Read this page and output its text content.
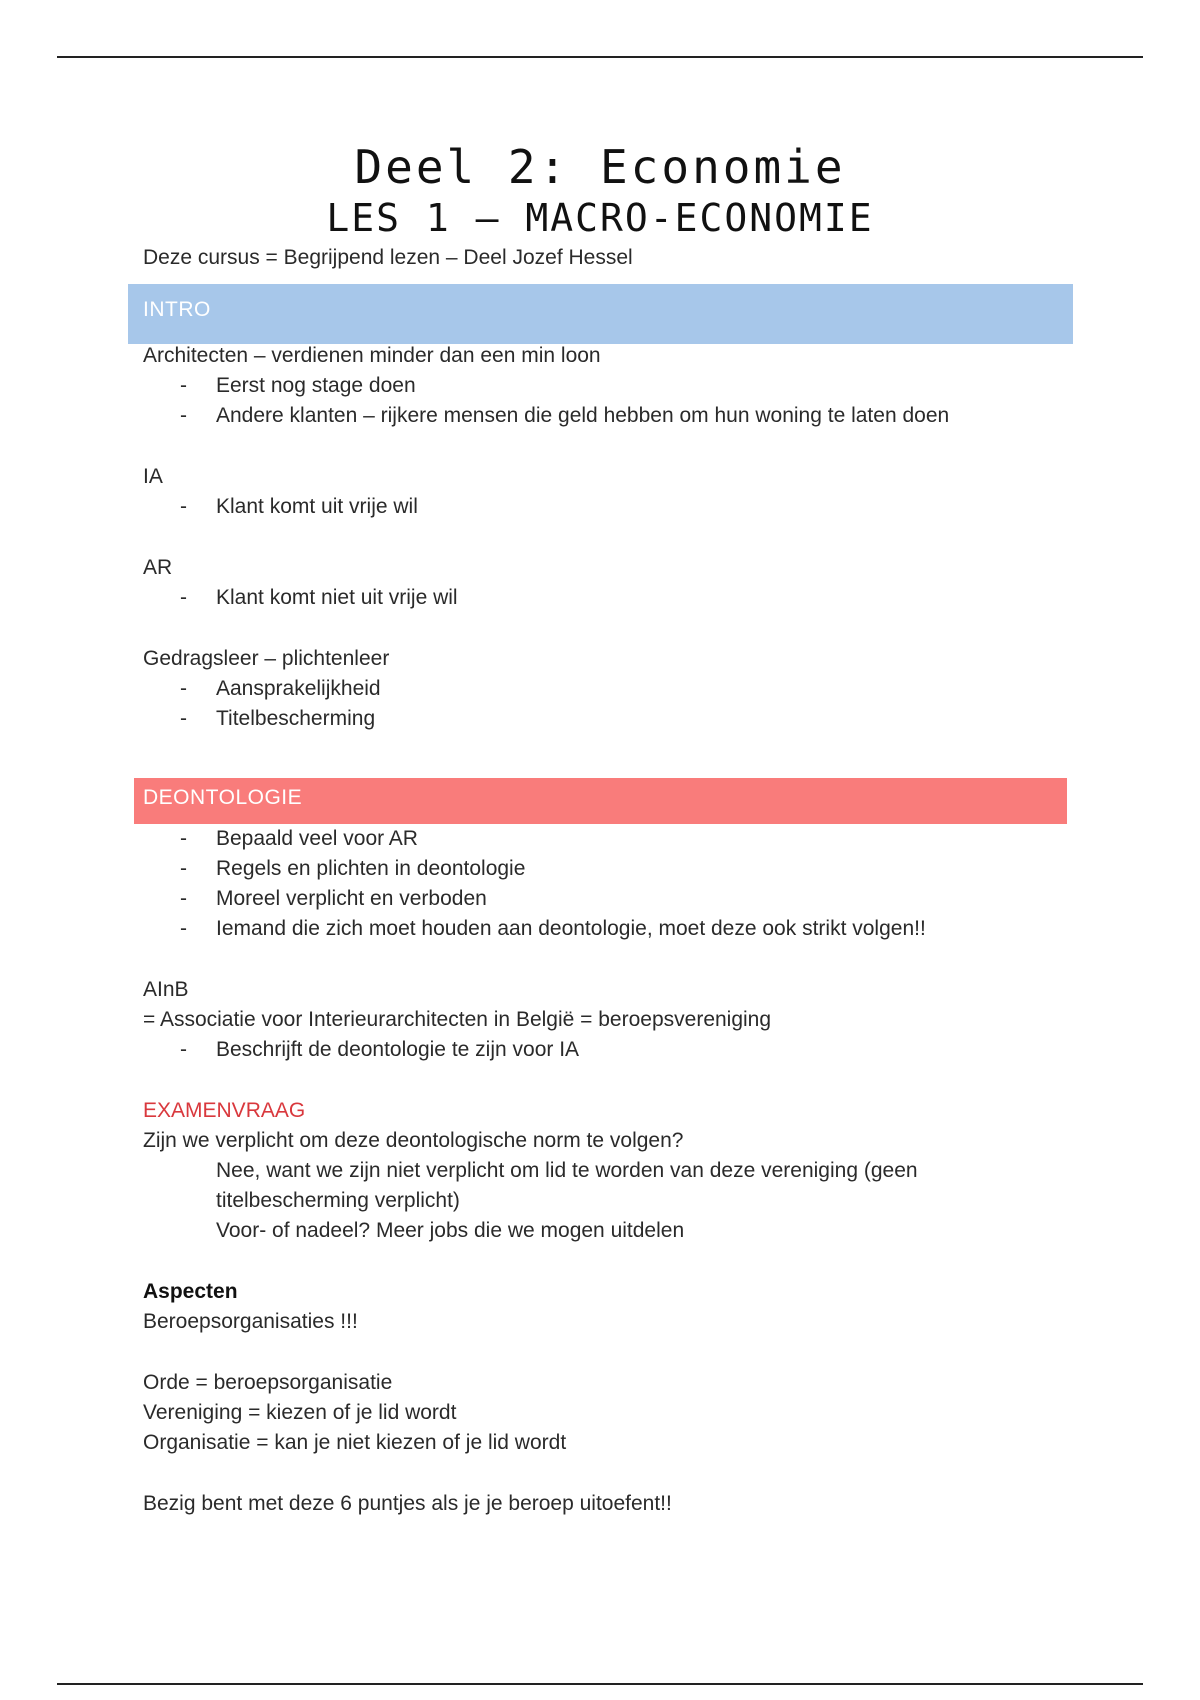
Deel 2: Economie
LES 1 – MACRO-ECONOMIE
Deze cursus = Begrijpend lezen – Deel Jozef Hessel
INTRO
Architecten – verdienen minder dan een min loon
- Eerst nog stage doen
- Andere klanten – rijkere mensen die geld hebben om hun woning te laten doen
IA
- Klant komt uit vrije wil
AR
- Klant komt niet uit vrije wil
Gedragsleer – plichtenleer
- Aansprakelijkheid
- Titelbescherming
DEONTOLOGIE
- Bepaald veel voor AR
- Regels en plichten in deontologie
- Moreel verplicht en verboden
- Iemand die zich moet houden aan deontologie, moet deze ook strikt volgen!!
AInB
= Associatie voor Interieurarchitecten in België = beroepsvereniging
- Beschrijft de deontologie te zijn voor IA
EXAMENVRAAG
Zijn we verplicht om deze deontologische norm te volgen?
Nee, want we zijn niet verplicht om lid te worden van deze vereniging (geen
titelbescherming verplicht)
Voor- of nadeel? Meer jobs die we mogen uitdelen
Aspecten
Beroepsorganisaties !!!
Orde = beroepsorganisatie
Vereniging = kiezen of je lid wordt
Organisatie = kan je niet kiezen of je lid wordt
Bezig bent met deze 6 puntjes als je je beroep uitoefent!!
